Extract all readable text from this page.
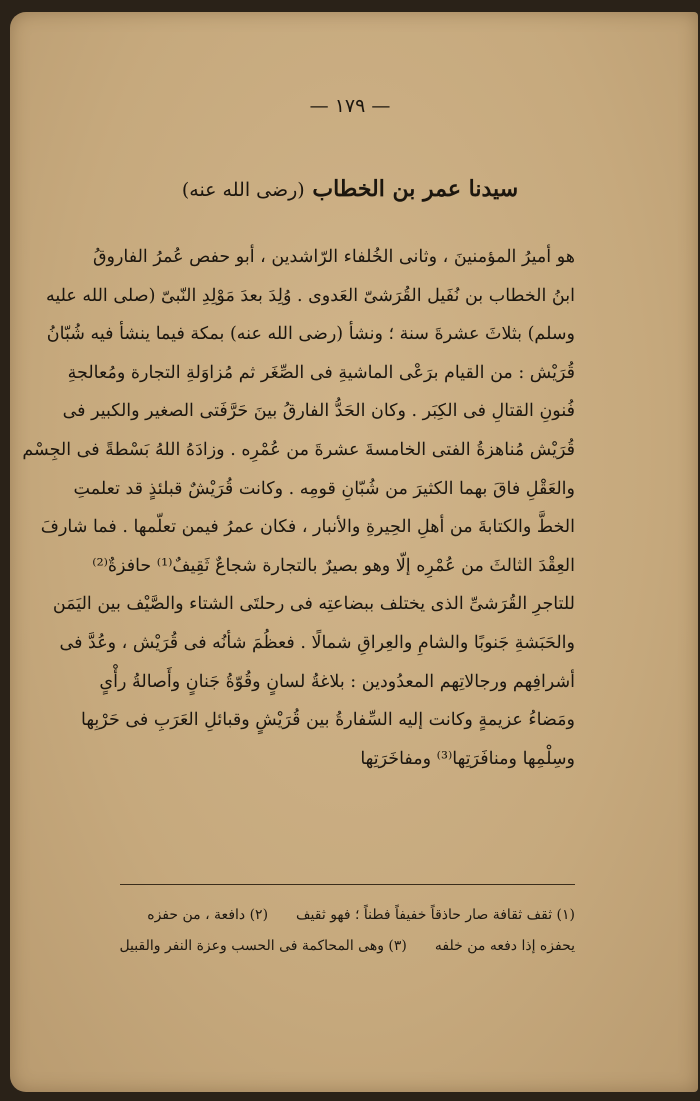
— ١٧٩ —
سيدنا عمر بن الخطاب (رضى الله عنه)
هو أميرُ المؤمنينَ ، وثانى الخُلفاء الرّاشدين ، أبو حفص عُمرُ الفاروقُ
ابنُ الخطاب بن نُفَيل القُرَشىّ العَدوى . وُلِدَ بعدَ مَوْلِدِ النّبىّ (صلى الله عليه
وسلم) بثلاثَ عشرةَ سنة ؛ ونشأ (رضى الله عنه) بمكة فيما ينشأ فيه شُبّانُ
قُرَيْش : من القيام برَعْى الماشيةِ فى الصِّغَر ثم مُزاوَلةِ التجارة ومُعالجةِ
فُنونِ القتالِ فى الكِبَر . وكان الحَدُّ الفارقُ بينَ حَرَّفَتى الصغير والكبير فى
قُرَيْش مُناهزةُ الفتى الخامسةَ عشرةَ من عُمْرِه . وزادَهُ اللهُ بَسْطةً فى الجِسْم
والعَقْلِ فاقَ بهما الكثيرَ من شُبّانِ قومِه . وكانت قُرَيْشٌ قبلئذٍ قد تعلمتِ
الخطَّ والكتابةَ من أهلِ الحِيرةِ والأنبار ، فكان عمرُ فيمن تعلّمها . فما شارفَ
العِقْدَ الثالثَ من عُمْرِه إلّا وهو بصيرٌ بالتجارة شجاعٌ ثَقِيفٌ⁽¹⁾ حافزةٌ⁽²⁾
للتاجرِ القُرَشىِّ الذى يختلف ببضاعتِه فى رحلتَى الشتاء والصَّيْف بين اليَمَن
والحَبَشةِ جَنوبًا والشامِ والعِراقِ شمالًا . فعظُمَ شأنُه فى قُرَيْش ، وعُدَّ فى
أشرافِهم ورجالاتِهم المعدُودين : بلاغةُ لسانٍ وقُوّةُ جَنانٍ وأَصالةُ رأْىٍ
ومَضاءُ عزيمةٍ وكانت إليه السِّفارةُ بين قُرَيْشٍ وقبائلِ العَرَبِ فى حَرْبِها
وسِلْمِها ومنافَرَتِها⁽³⁾ ومفاخَرَتِها
(١) ثقف ثقافة صار حاذقاً خفيفاً فطناً ؛ فهو ثقيف(٢) دافعة ، من حفزه
يحفزه إذا دفعه من خلفه(٣) وهى المحاكمة فى الحسب وعزة النفر والقبيل
